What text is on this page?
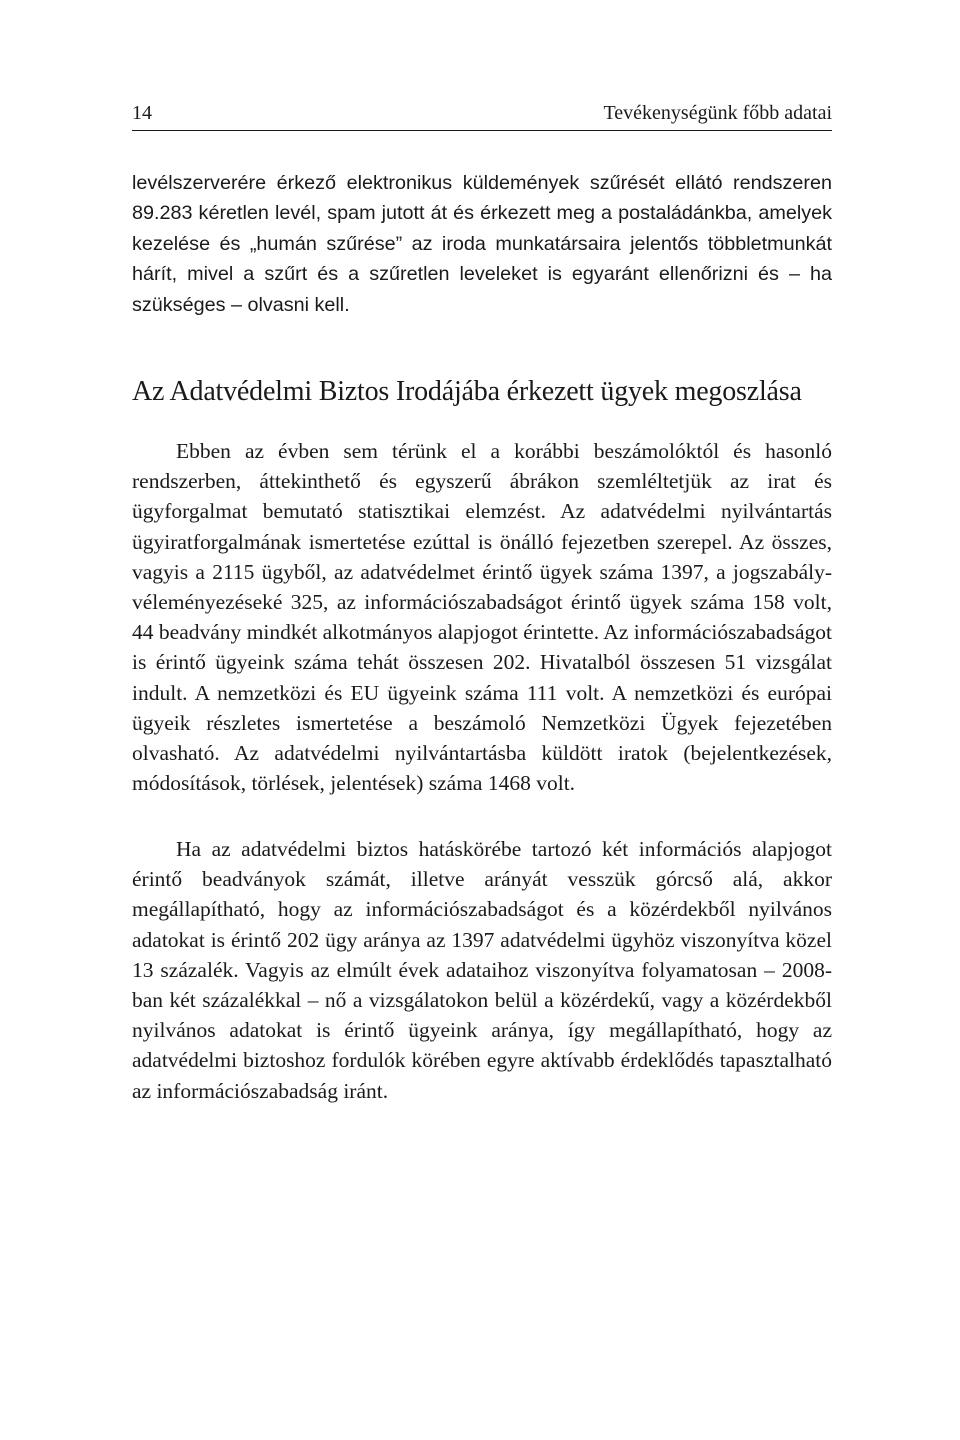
14	Tevékenységünk főbb adatai

levélszerverére érkező elektronikus küldemények szűrését ellátó rendszeren 89.283 kéretlen levél, spam jutott át és érkezett meg a postaládánkba, amelyek kezelése és „humán szűrése” az iroda munkatársaira jelentős többletmunkát hárít, mivel a szűrt és a szűretlen leveleket is egyaránt ellenőrizni és – ha szükséges – olvasni kell.

Az Adatvédelmi Biztos Irodájába érkezett ügyek megoszlása

Ebben az évben sem térünk el a korábbi beszámolóktól és hasonló rendszerben, áttekinthető és egyszerű ábrákon szemléltetjük az irat és ügyforgalmat bemutató statisztikai elemzést. Az adatvédelmi nyilvántartás ügyiratforgalmának ismertetése ezúttal is önálló fejezetben szerepel. Az összes, vagyis a 2115 ügyből, az adatvédelmet érintő ügyek száma 1397, a jogszabály-véleményezéseké 325, az információszabadságot érintő ügyek száma 158 volt, 44 beadvány mindkét alkotmányos alapjogot érintette. Az információszabadságot is érintő ügyeink száma tehát összesen 202. Hivatalból összesen 51 vizsgálat indult. A nemzetközi és EU ügyeink száma 111 volt. A nemzetközi és európai ügyeik részletes ismertetése a beszámoló Nemzetközi Ügyek fejezetében olvasható. Az adatvédelmi nyilvántartásba küldött iratok (bejelentkezések, módosítások, törlések, jelentések) száma 1468 volt.

Ha az adatvédelmi biztos hatáskörébe tartozó két információs alapjogot érintő beadványok számát, illetve arányát vesszük górcső alá, akkor megállapítható, hogy az információszabadságot és a közérdekből nyilvános adatokat is érintő 202 ügy aránya az 1397 adatvédelmi ügyhöz viszonyítva közel 13 százalék. Vagyis az elmúlt évek adataihoz viszonyítva folyamatosan – 2008-ban két százalékkal – nő a vizsgálatokon belül a közérdekű, vagy a közérdekből nyilvános adatokat is érintő ügyeink aránya, így megállapítható, hogy az adatvédelmi biztoshoz fordulók körében egyre aktívabb érdeklődés tapasztalható az információszabadság iránt.
